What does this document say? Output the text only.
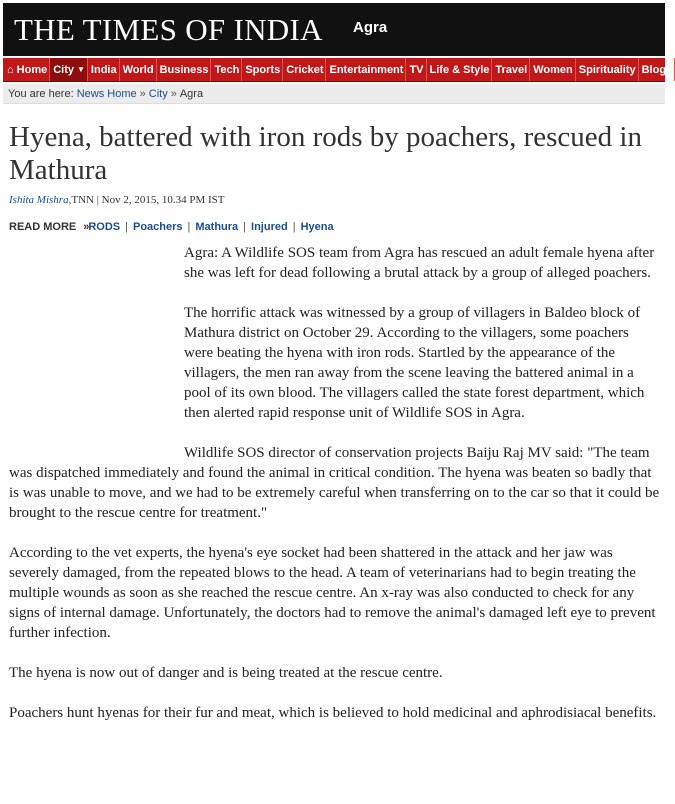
THE TIMES OF INDIA Agra
⌂ Home City ▼ India World Business Tech Sports Cricket Entertainment TV Life & Style Travel Women Spirituality Blogs
You are here:
News Home » City » Agra
Hyena, battered with iron rods by poachers, rescued in Mathura
Ishita Mishra,TNN | Nov 2, 2015, 10.34 PM IST
READ MORE » RODS | Poachers | Mathura | Injured | Hyena

Agra: A Wildlife SOS team from Agra has rescued an adult female hyena after she was left for dead following a brutal attack by a group of alleged poachers.

The horrific attack was witnessed by a group of villagers in Baldeo block of Mathura district on October 29. According to the villagers, some poachers were beating the hyena with iron rods. Startled by the appearance of the villagers, the men ran away from the scene leaving the battered animal in a pool of its own blood. The villagers called the state forest department, which then alerted rapid response unit of Wildlife SOS in Agra.

Wildlife SOS director of conservation projects Baiju Raj MV said: "The team was dispatched immediately and found the animal in critical condition. The hyena was beaten so badly that is was unable to move, and we had to be extremely careful when transferring on to the car so that it could be brought to the rescue centre for treatment."

According to the vet experts, the hyena's eye socket had been shattered in the attack and her jaw was severely damaged, from the repeated blows to the head. A team of veterinarians had to begin treating the multiple wounds as soon as she reached the rescue centre. An x-ray was also conducted to check for any signs of internal damage. Unfortunately, the doctors had to remove the animal's damaged left eye to prevent further infection.

The hyena is now out of danger and is being treated at the rescue centre.

Poachers hunt hyenas for their fur and meat, which is believed to hold medicinal and aphrodisiacal benefits.
